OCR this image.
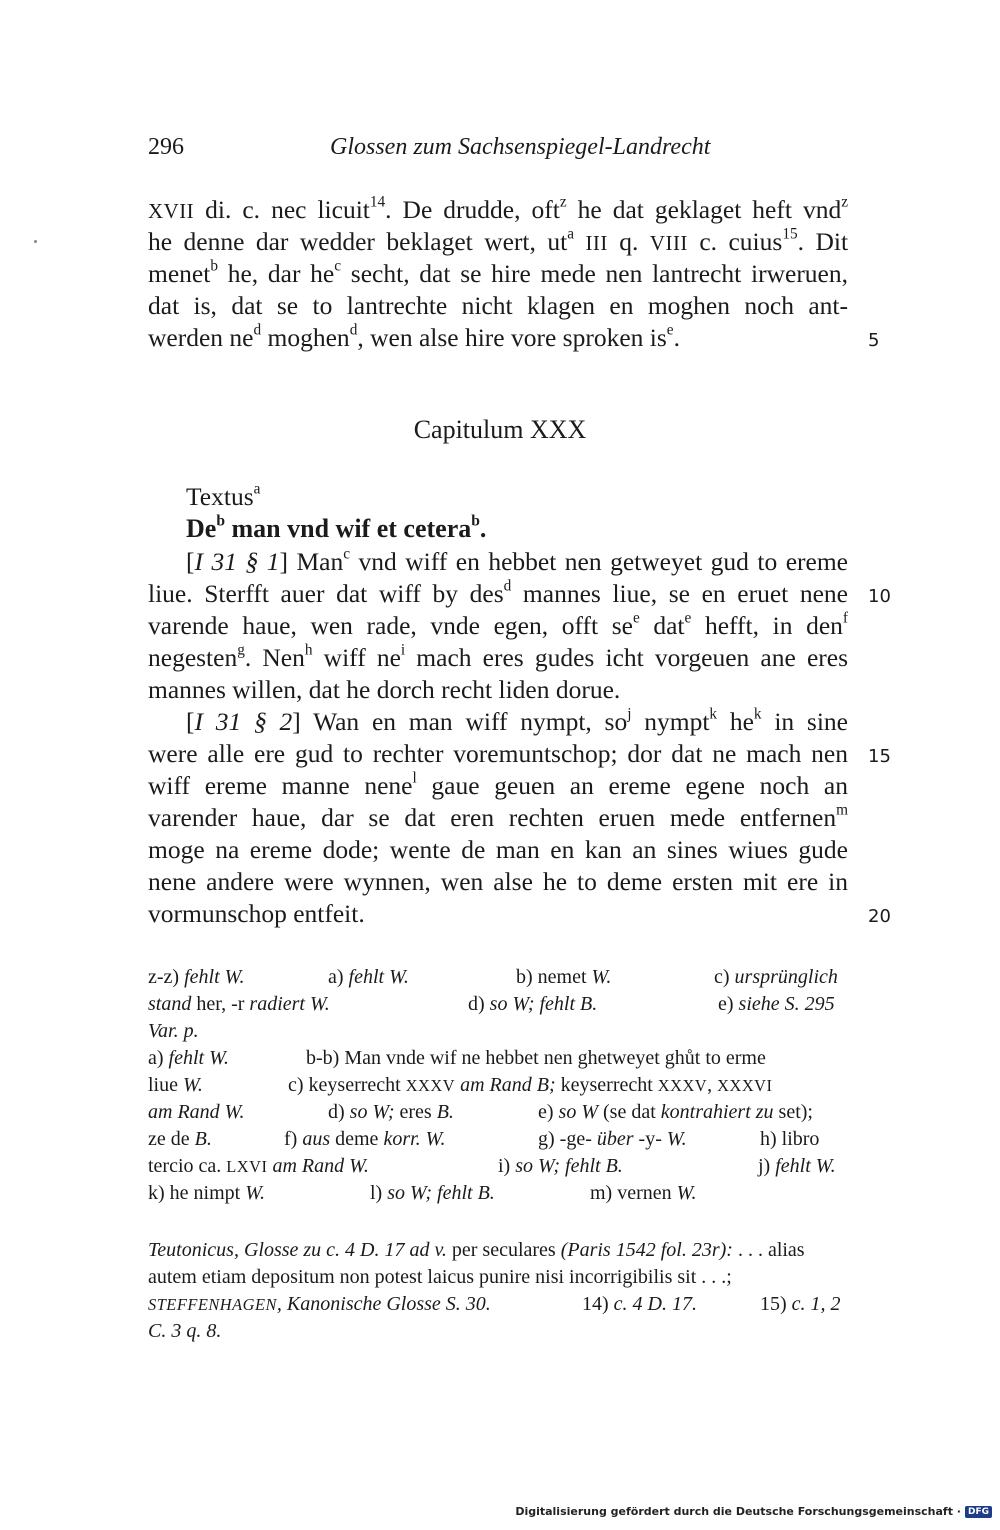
296	Glossen zum Sachsenspiegel-Landrecht
XVII di. c. nec licuit$^{14}$. De drudde, oft$^z$ he dat geklaget heft vnd$^z$
he denne dar wedder beklaget wert, $ut^a$ III q. VIII c. cuius$^{15}$. Dit
menet$^b$ he, dar $he^c$ secht, dat se hire mede nen lantrecht irweruen,
dat is, dat se to lantrechte nicht klagen en moghen noch ant-
werden $ne^d$ moghen$^d$, wen alse hire vore sproken $is^e$.	5
Capitulum XXX
Textus$^a$
De$^b$ man vnd wif et cetera$^b$.
[I 31 § 1] Man$^c$ vnd wiff en hebbet nen getweyet gud to ereme
liue. Sterfft auer dat wiff by des$^d$ mannes liue, se en eruet nene 10
varende haue, wen rade, vnde egen, offt $se^e$ dat$^e$ hefft, in den$^f$
negesten$^g$. Nen$^h$ wiff $ne^i$ mach eres gudes icht vorgeuen ane eres
mannes willen, dat he dorch recht liden dorue.
[I 31 § 2] Wan en man wiff nympt, $so^j$ nympt$^k$ $he^k$ in sine
were alle ere gud to rechter voremuntschop; dor dat ne mach nen 15
wiff ereme manne nene$^l$ gaue geuen an ereme egene noch an
varender haue, dar se dat eren rechten eruen mede entfernen$^m$
moge na ereme dode; wente de man en kan an sines wiues gude
nene andere were wynnen, wen alse he to deme ersten mit ere in
vormunschop entfeit.	20
z-z) fehlt W.	a) fehlt W.	b) nemet W.	c) ursprünglich
stand her, -r radiert W.	d) so W; fehlt B.	e) siehe S. 295
Var. p.
a) fehlt W.	b-b) Man vnde wif ne hebbet nen ghetweyet ghůt to erme
liue W.	c) keyserrecht XXXV am Rand B; keyserrecht XXXV, XXXVI
am Rand W.	d) so W; eres B.	e) so W (se dat kontrahiert zu set);
ze de B.	f) aus deme korr. W.	g) -ge- über -y- W.	h) libro
tercio ca. LXVI am Rand W.	i) so W; fehlt B.	j) fehlt W.
k) he nimpt W.	l) so W; fehlt B.	m) vernen W.
Teutonicus, Glosse zu c. 4 D. 17 ad v. per seculares (Paris 1542 fol. 23r): . . . alias
autem etiam depositum non potest laicus punire nisi incorrigibilis sit . . .;
STEFFENHAGEN, Kanonische Glosse S. 30.	14) c. 4 D. 17.	15) c. 1, 2
C. 3 q. 8.
Digitalisierung gefördert durch die Deutsche Forschungsgemeinschaft · DFG
